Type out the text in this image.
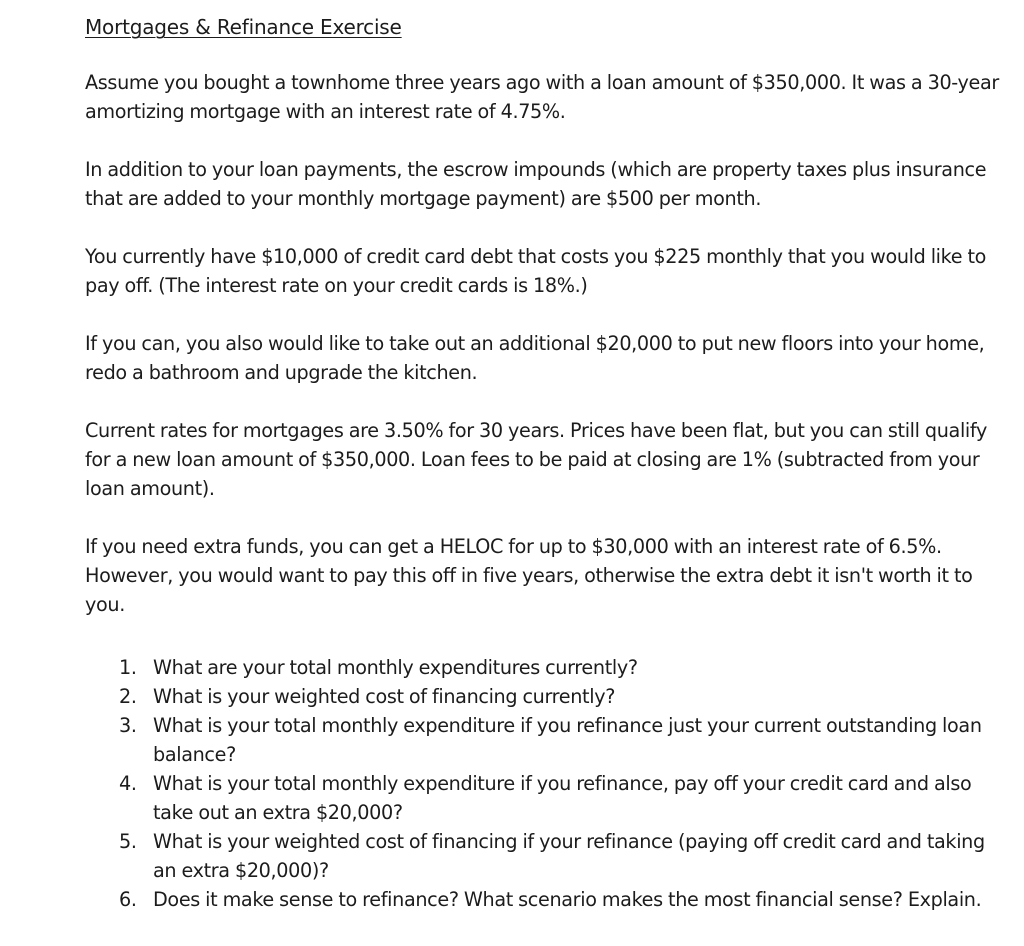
Mortgages & Refinance Exercise

Assume you bought a townhome three years ago with a loan amount of $350,000. It was a 30-year amortizing mortgage with an interest rate of 4.75%.

In addition to your loan payments, the escrow impounds (which are property taxes plus insurance that are added to your monthly mortgage payment) are $500 per month.

You currently have $10,000 of credit card debt that costs you $225 monthly that you would like to pay off. (The interest rate on your credit cards is 18%.)

If you can, you also would like to take out an additional $20,000 to put new floors into your home, redo a bathroom and upgrade the kitchen.

Current rates for mortgages are 3.50% for 30 years. Prices have been flat, but you can still qualify for a new loan amount of $350,000. Loan fees to be paid at closing are 1% (subtracted from your loan amount).

If you need extra funds, you can get a HELOC for up to $30,000 with an interest rate of 6.5%. However, you would want to pay this off in five years, otherwise the extra debt it isn't worth it to you.

1. What are your total monthly expenditures currently?
2. What is your weighted cost of financing currently?
3. What is your total monthly expenditure if you refinance just your current outstanding loan balance?
4. What is your total monthly expenditure if you refinance, pay off your credit card and also take out an extra $20,000?
5. What is your weighted cost of financing if your refinance (paying off credit card and taking an extra $20,000)?
6. Does it make sense to refinance? What scenario makes the most financial sense? Explain.
